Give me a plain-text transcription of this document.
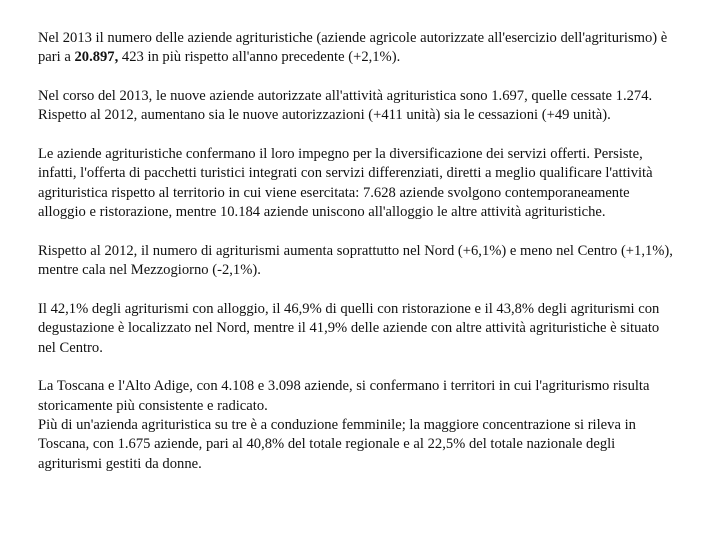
Nel 2013 il numero delle aziende agrituristiche (aziende agricole autorizzate all'esercizio dell'agriturismo) è pari a 20.897, 423 in più rispetto all'anno precedente (+2,1%).

Nel corso del 2013, le nuove aziende autorizzate all'attività agrituristica sono 1.697, quelle cessate 1.274. Rispetto al 2012, aumentano sia le nuove autorizzazioni (+411 unità) sia le cessazioni (+49 unità).

Le aziende agrituristiche confermano il loro impegno per la diversificazione dei servizi offerti. Persiste, infatti, l'offerta di pacchetti turistici integrati con servizi differenziati, diretti a meglio qualificare l'attività agrituristica rispetto al territorio in cui viene esercitata: 7.628 aziende svolgono contemporaneamente alloggio e ristorazione, mentre 10.184 aziende uniscono all'alloggio le altre attività agrituristiche.

Rispetto al 2012, il numero di agriturismi aumenta soprattutto nel Nord (+6,1%) e meno nel Centro (+1,1%), mentre cala nel Mezzogiorno (-2,1%).

Il 42,1% degli agriturismi con alloggio, il 46,9% di quelli con ristorazione e il 43,8% degli agriturismi con degustazione è localizzato nel Nord, mentre il 41,9% delle aziende con altre attività agrituristiche è situato nel Centro.

La Toscana e l'Alto Adige, con 4.108 e 3.098 aziende, si confermano i territori in cui l'agriturismo risulta storicamente più consistente e radicato.

Più di un'azienda agrituristica su tre è a conduzione femminile; la maggiore concentrazione si rileva in Toscana, con 1.675 aziende, pari al 40,8% del totale regionale e al 22,5% del totale nazionale degli agriturismi gestiti da donne.
